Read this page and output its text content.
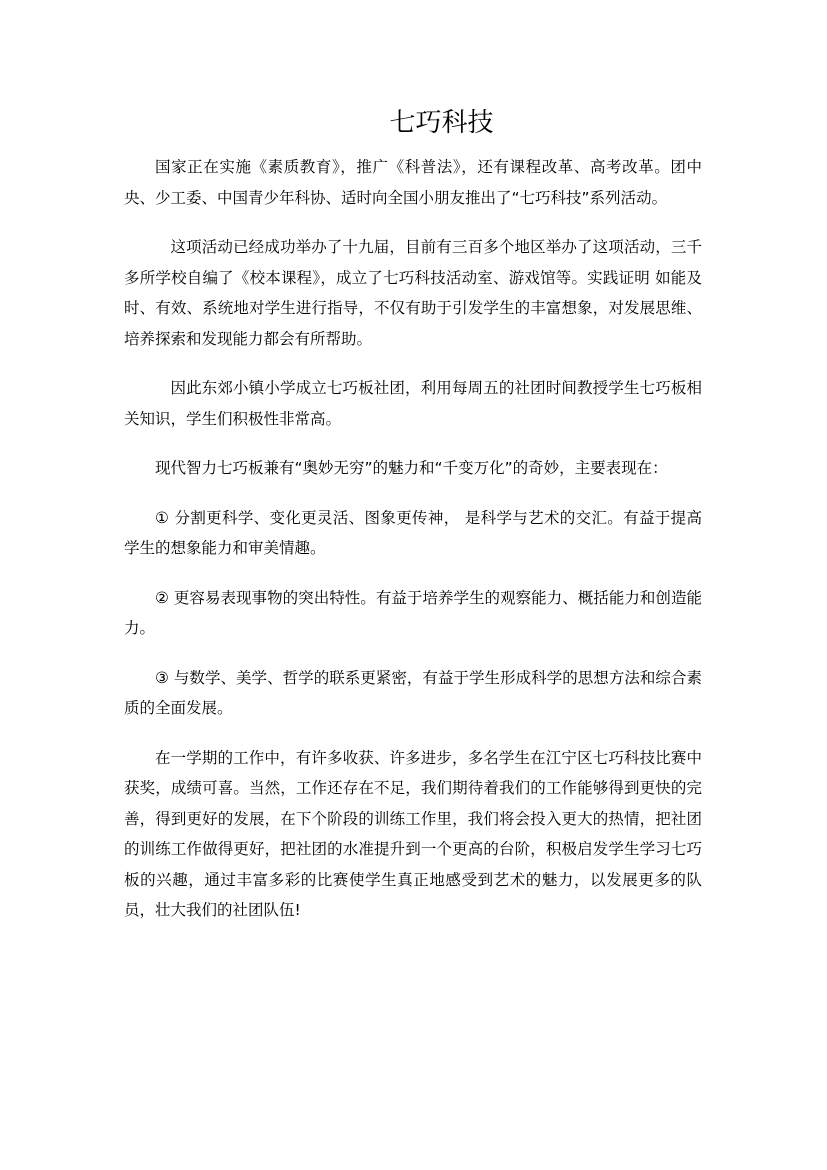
七巧科技

国家正在实施《素质教育》，推广《科普法》，还有课程改革、高考改革。团中央、少工委、中国青少年科协、适时向全国小朋友推出了“七巧科技”系列活动。

这项活动已经成功举办了十九届，目前有三百多个地区举办了这项活动，三千多所学校自编了《校本课程》，成立了七巧科技活动室、游戏馆等。实践证明 如能及时、有效、系统地对学生进行指导，不仅有助于引发学生的丰富想象，对发展思维、培养探索和发现能力都会有所帮助。

因此东郊小镇小学成立七巧板社团，利用每周五的社团时间教授学生七巧板相关知识，学生们积极性非常高。

现代智力七巧板兼有“奥妙无穷”的魅力和“千变万化”的奇妙，主要表现在：

① 分割更科学、变化更灵活、图象更传神， 是科学与艺术的交汇。有益于提高学生的想象能力和审美情趣。

② 更容易表现事物的突出特性。有益于培养学生的观察能力、概括能力和创造能力。

③ 与数学、美学、哲学的联系更紧密，有益于学生形成科学的思想方法和综合素质的全面发展。

在一学期的工作中，有许多收获、许多进步，多名学生在江宁区七巧科技比赛中获奖，成绩可喜。当然，工作还存在不足，我们期待着我们的工作能够得到更快的完善，得到更好的发展，在下个阶段的训练工作里，我们将会投入更大的热情，把社团的训练工作做得更好，把社团的水准提升到一个更高的台阶，积极启发学生学习七巧板的兴趣，通过丰富多彩的比赛使学生真正地感受到艺术的魅力，以发展更多的队员，壮大我们的社团队伍!
